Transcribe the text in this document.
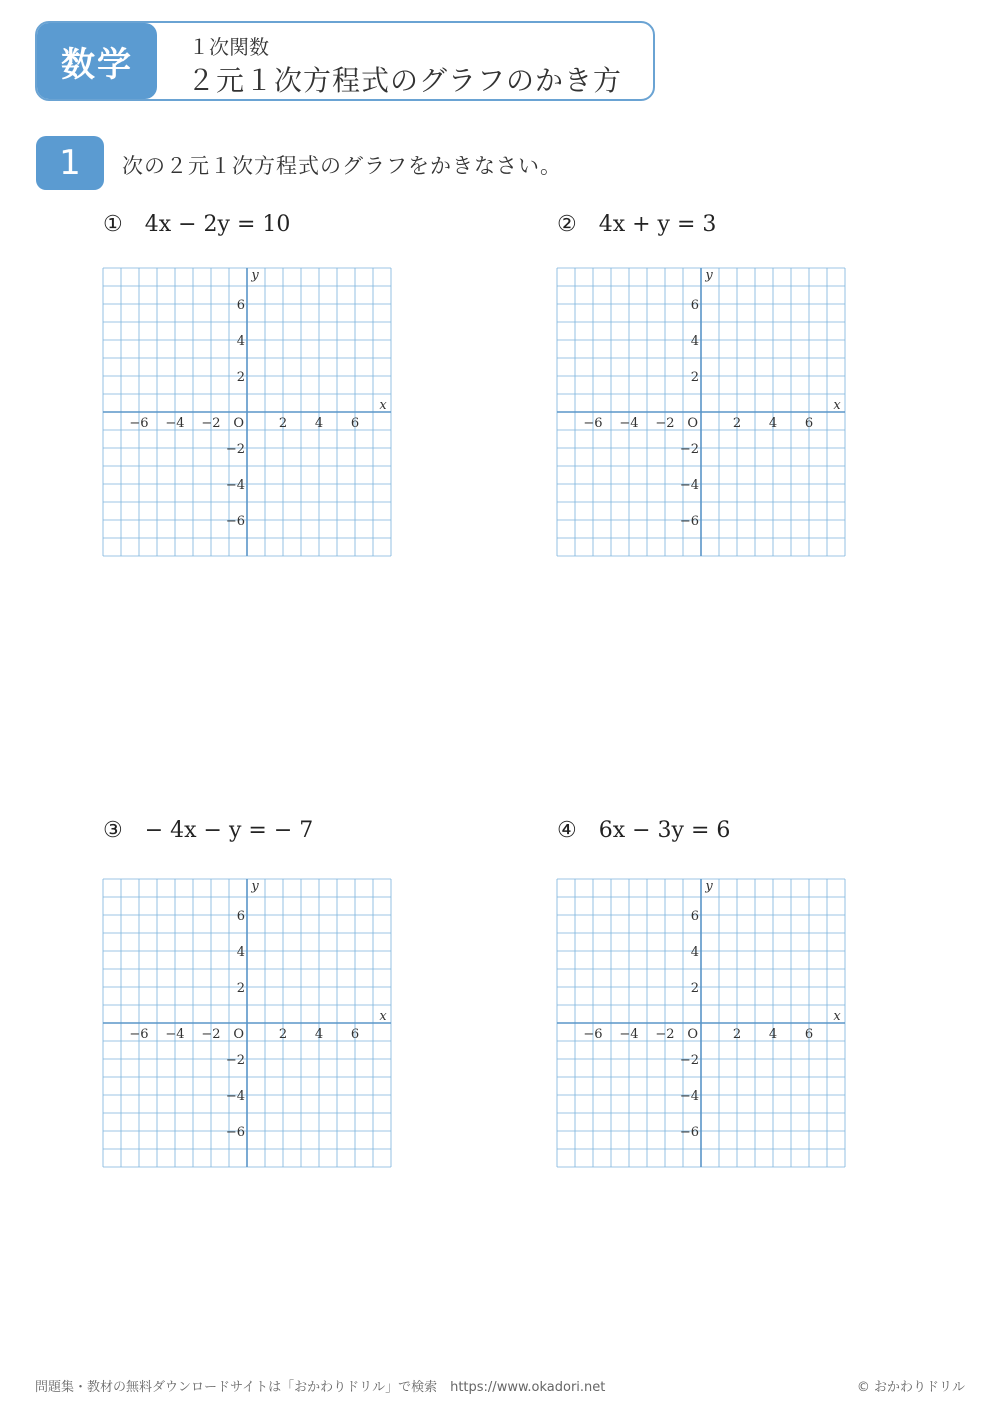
数学	１次関数
２元１次方程式のグラフのかき方
1	次の２元１次方程式のグラフをかきなさい。
① 4x − 2y = 10
−6 −4 −2	2 4 6
6
4
2
−2
−4
−6
O
x
y
② 4x + y = 3
−6 −4 −2	2 4 6
6
4
2
−2
−4
−6
O
x
y
③ − 4x − y = − 7
−6 −4 −2	2 4 6
6
4
2
−2
−4
−6
O
x
y
④ 6x − 3y = 6
−6 −4 −2	2 4 6
6
4
2
−2
−4
−6
O
x
y
問題集・教材の無料ダウンロードサイトは「おかわりドリル」で検索　https://www.okadori.net	© おかわりドリル
